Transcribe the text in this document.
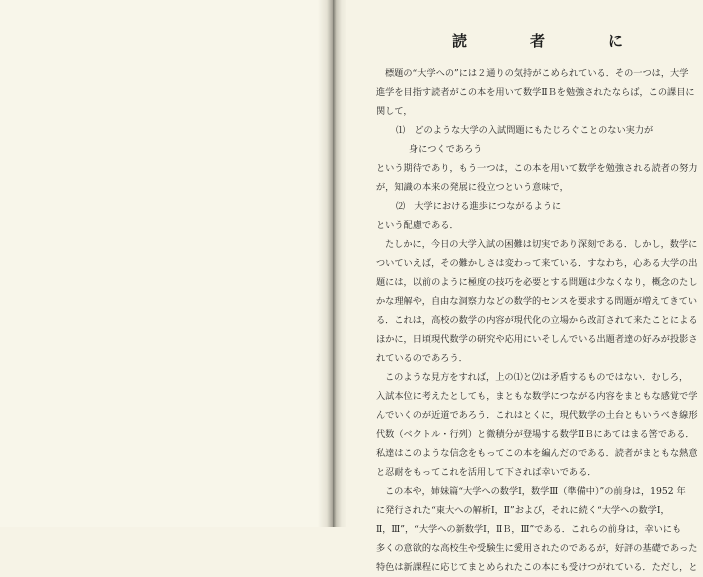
読　者　に
標題の“大学への”には２通りの気持がこめられている．その一つは，大学
進学を目指す読者がこの本を用いて数学ⅡＢを勉強されたならば，この課目に
関して，
⑴　どのような大学の入試問題にもたじろぐことのない実力が
身につくであろう
という期待であり，もう一つは，この本を用いて数学を勉強される読者の努力
が，知識の本来の発展に役立つという意味で，
⑵　大学における進歩につながるように
という配慮である．
たしかに，今日の大学入試の困難は切実であり深刻である．しかし，数学に
ついていえば，その難かしさは変わって来ている．すなわち，心ある大学の出
題には，以前のように極度の技巧を必要とする問題は少なくなり，概念のたし
かな理解や，自由な洞察力などの数学的センスを要求する問題が増えてきてい
る．これは，高校の数学の内容が現代化の立場から改訂されて来たことによる
ほかに，日頃現代数学の研究や応用にいそしんでいる出題者達の好みが投影さ
れているのであろう．
このような見方をすれば，上の⑴と⑵は矛盾するものではない．むしろ，
入試本位に考えたとしても，まともな数学につながる内容をまともな感覚で学
んでいくのが近道であろう．これはとくに，現代数学の土台ともいうべき線形
代数（ベクトル・行列）と微積分が登場する数学ⅡＢにあてはまる筈である．
私達はこのような信念をもってこの本を編んだのである．読者がまともな熱意
と忍耐をもってこれを活用して下されば幸いである．
この本や，姉妹篇“大学への数学Ⅰ，数学Ⅲ（準備中）”の前身は，1952 年
に発行された“東大への解析Ⅰ，Ⅱ”および，それに続く“大学への数学Ⅰ，
Ⅱ，Ⅲ”，“大学への新数学Ⅰ，ⅡＢ，Ⅲ”である．これらの前身は，幸いにも
多くの意欲的な高校生や受験生に愛用されたのであるが，好評の基礎であった
特色は新課程に応じてまとめられたこの本にも受けつがれている．ただし，と
